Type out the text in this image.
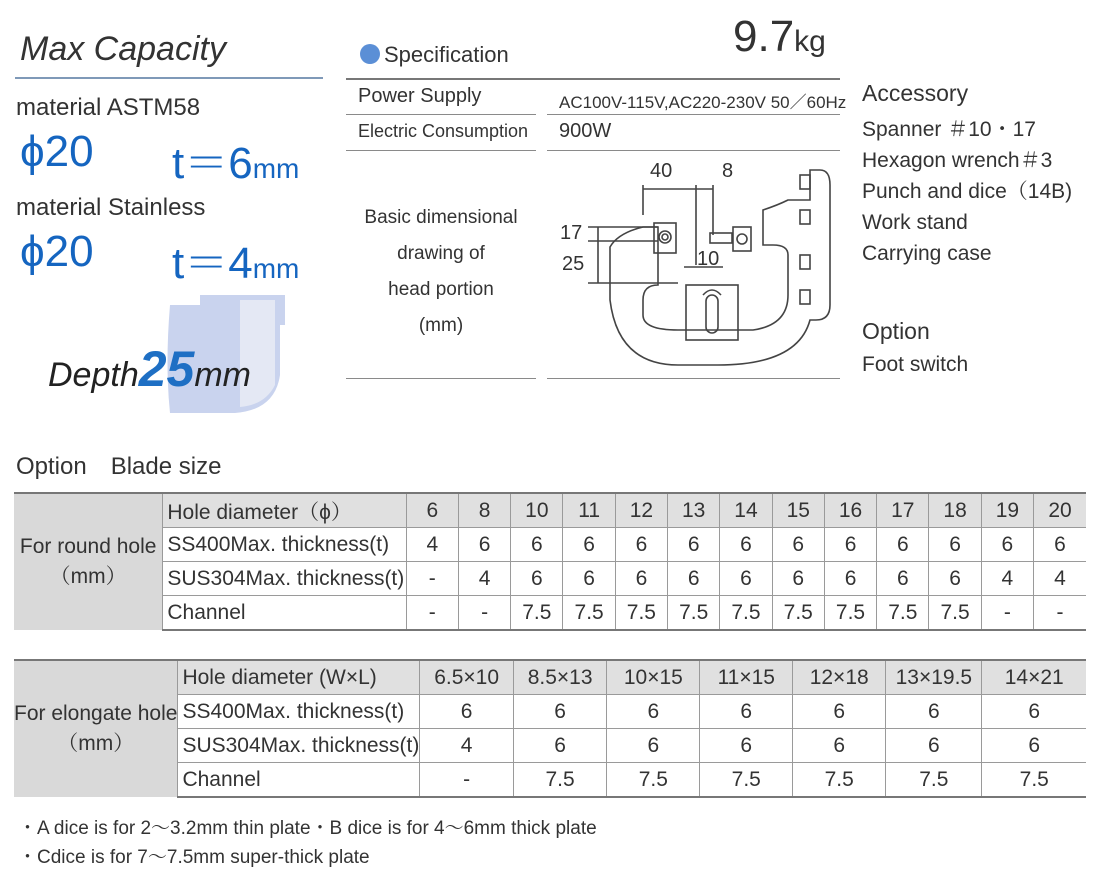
Max Capacity
material ASTM58
ϕ20 t＝6mm
material Stainless
ϕ20 t＝4mm
Depth25mm
Specification	9.7kg
Power Supply	AC100V-115V,AC220-230V 50／60Hz
Electric Consumption 900W
Basic dimensional
drawing of
head portion
(mm)
40 8
17
25	10
Accessory
Spanner ＃10・17
Hexagon wrench＃3
Punch and dice（14B)
Work stand
Carrying case
Option
Foot switch
Option　Blade size
For round hole
（mm）	Hole diameter（ϕ）	6	8	10	11	12	13	14	15	16	17	18	19	20
	SS400Max. thickness(t)	4	6	6	6	6	6	6	6	6	6	6	6	6
	SUS304Max. thickness(t)	-	4	6	6	6	6	6	6	6	6	6	4	4
	Channel	-	-	7.5	7.5	7.5	7.5	7.5	7.5	7.5	7.5	7.5	-	-
For elongate hole
（mm）	Hole diameter (W×L)	6.5×10	8.5×13	10×15	11×15	12×18	13×19.5	14×21
	SS400Max. thickness(t)	6	6	6	6	6	6	6
	SUS304Max. thickness(t)	4	6	6	6	6	6	6
	Channel	-	7.5	7.5	7.5	7.5	7.5	7.5
・A dice is for 2～3.2mm thin plate・B dice is for 4～6mm thick plate
・Cdice is for 7～7.5mm super-thick plate
